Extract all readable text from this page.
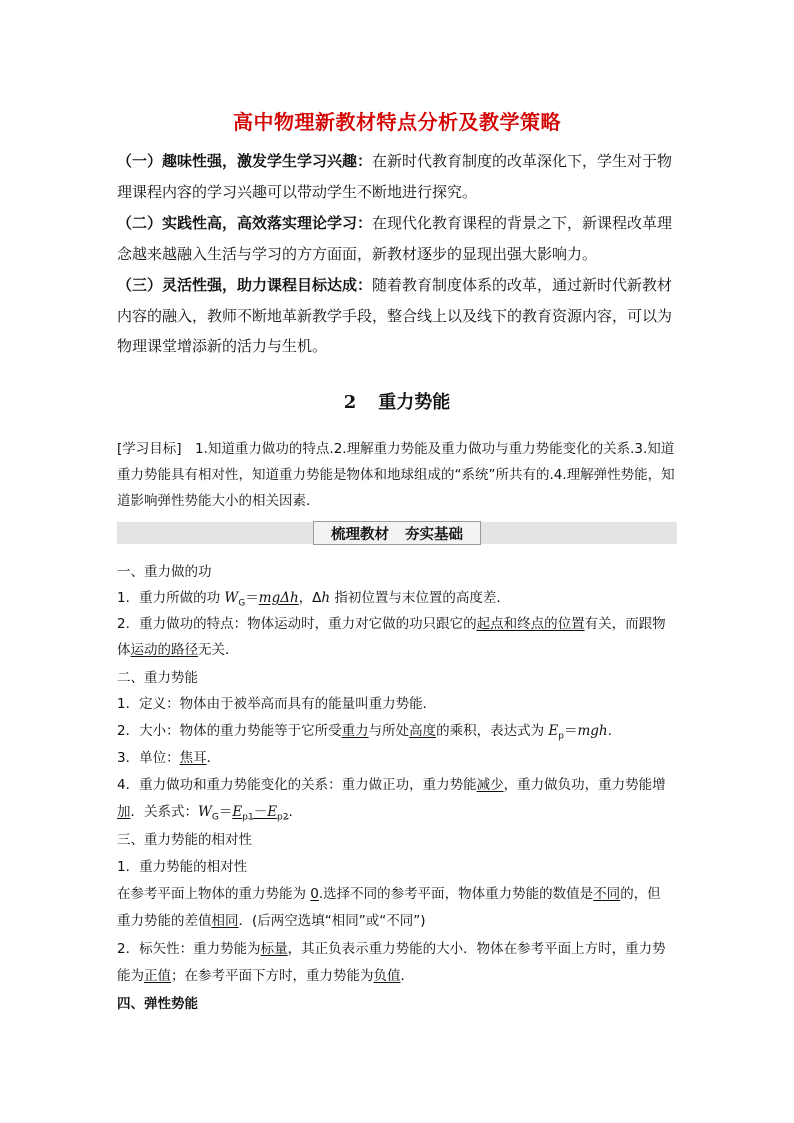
高中物理新教材特点分析及教学策略
（一）趣味性强，激发学生学习兴趣：在新时代教育制度的改革深化下，学生对于物理课程内容的学习兴趣可以带动学生不断地进行探究。
（二）实践性高，高效落实理论学习：在现代化教育课程的背景之下，新课程改革理念越来越融入生活与学习的方方面面，新教材逐步的显现出强大影响力。
（三）灵活性强，助力课程目标达成：随着教育制度体系的改革，通过新时代新教材内容的融入，教师不断地革新教学手段，整合线上以及线下的教育资源内容，可以为物理课堂增添新的活力与生机。
2 重力势能
[学习目标]　1.知道重力做功的特点.2.理解重力势能及重力做功与重力势能变化的关系.3.知道重力势能具有相对性，知道重力势能是物体和地球组成的“系统”所共有的.4.理解弹性势能，知道影响弹性势能大小的相关因素．
梳理教材 夯实基础
一、重力做的功
1．重力所做的功 $W_G=mg\Delta h$，Δh 指初位置与末位置的高度差．
2．重力做功的特点：物体运动时，重力对它做的功只跟它的起点和终点的位置有关，而跟物
体运动的路径无关．
二、重力势能
1．定义：物体由于被举高而具有的能量叫重力势能．
2．大小：物体的重力势能等于它所受重力与所处高度的乘积，表达式为 $E_p=mgh$.
3．单位：焦耳．
4．重力做功和重力势能变化的关系：重力做正功，重力势能减少，重力做负功，重力势能增
加．关系式：$W_G=E_{p1}-E_{p2}$.
三、重力势能的相对性
1．重力势能的相对性
在参考平面上物体的重力势能为 0.选择不同的参考平面，物体重力势能的数值是不同的，但
重力势能的差值相同．(后两空选填“相同”或“不同”)
2．标矢性：重力势能为标量，其正负表示重力势能的大小．物体在参考平面上方时，重力势
能为正值；在参考平面下方时，重力势能为负值．
四、弹性势能
